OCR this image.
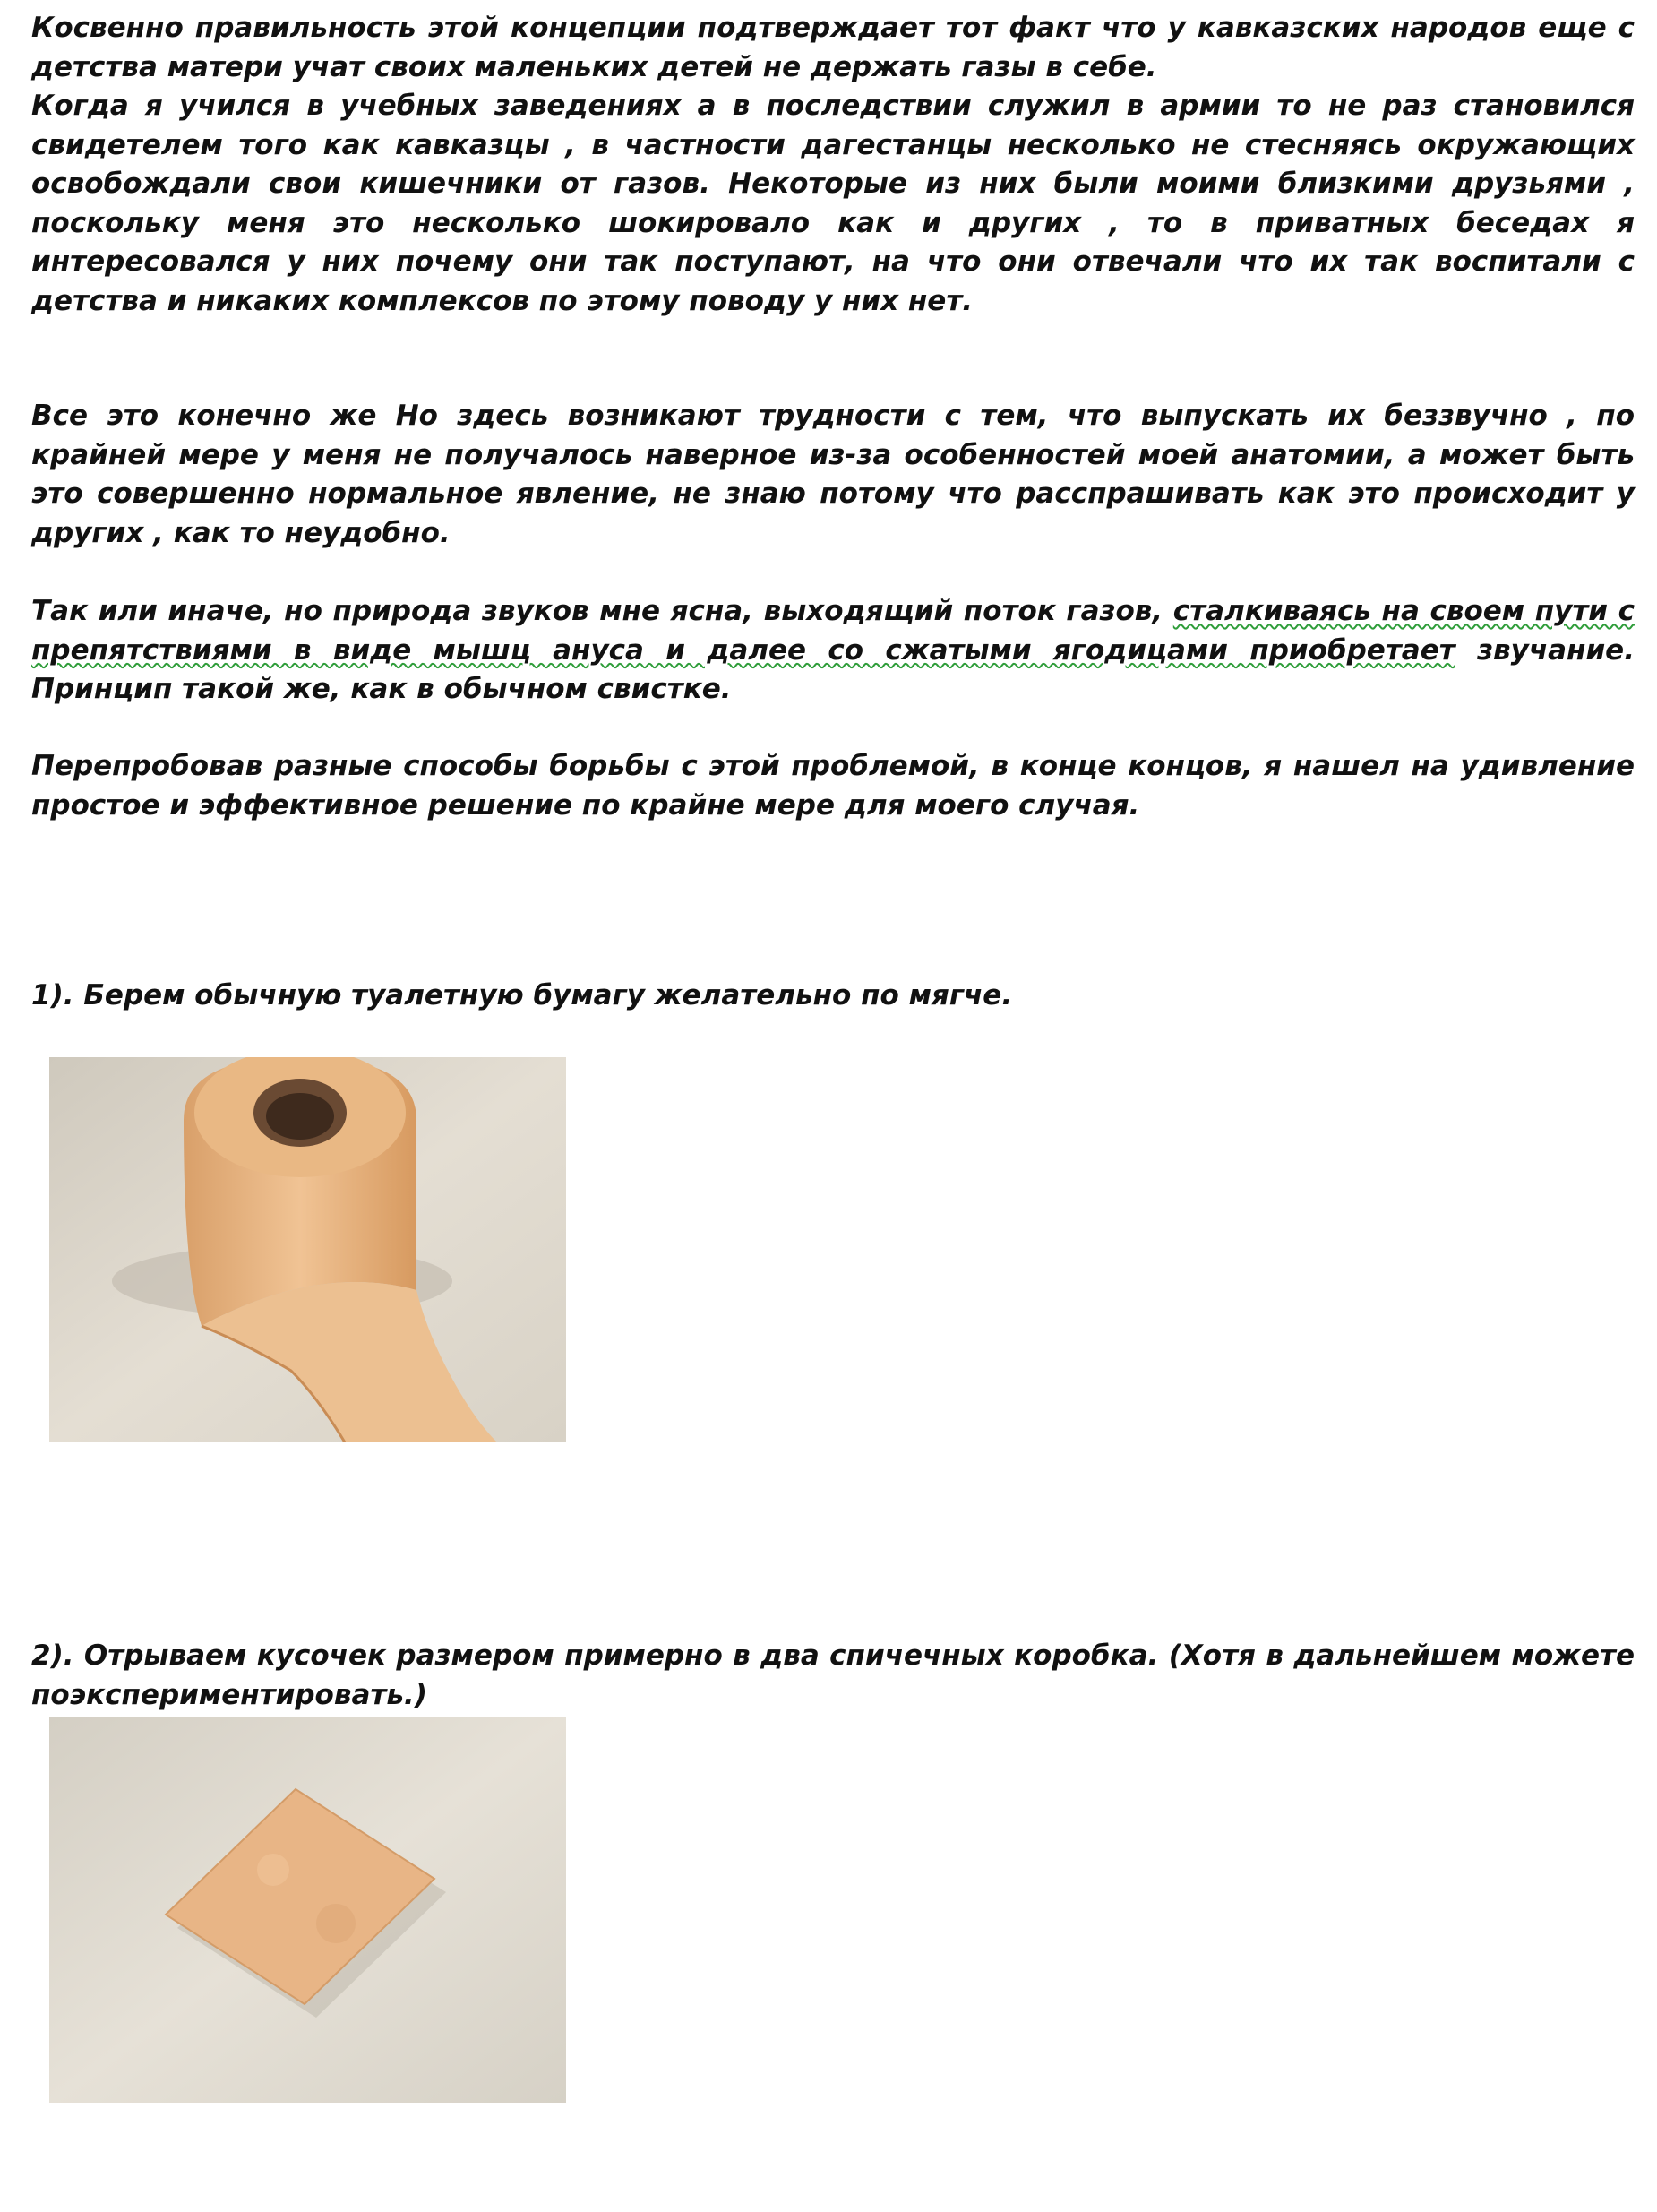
Косвенно правильность этой концепции подтверждает тот факт что у кавказских народов еще с детства матери учат своих маленьких детей не держать газы в себе.
Когда я учился в учебных заведениях а в последствии служил в армии то не раз становился свидетелем того как кавказцы , в частности дагестанцы несколько не стесняясь окружающих освобождали свои кишечники от газов. Некоторые из них были моими близкими друзьями , поскольку меня это несколько шокировало как и других , то в приватных беседах я интересовался у них почему они так поступают, на что они отвечали что их так воспитали с детства и никаких комплексов по этому поводу у них нет.

Все это конечно же Но здесь возникают трудности с тем, что выпускать их беззвучно , по крайней мере у меня не получалось наверное из-за особенностей моей анатомии, а может быть это совершенно нормальное явление, не знаю потому что расспрашивать как это происходит у других , как то неудобно.

Так или иначе, но природа звуков мне ясна, выходящий поток газов, сталкиваясь на своем пути с препятствиями в виде мышц ануса и далее со сжатыми ягодицами приобретает звучание. Принцип такой же, как в обычном свистке.

Перепробовав разные способы борьбы с этой проблемой, в конце концов, я нашел на удивление простое и эффективное решение по крайне мере для моего случая.

1). Берем обычную туалетную бумагу желательно по мягче.

2). Отрываем кусочек размером примерно в два спичечных коробка. (Хотя в дальнейшем можете поэкспериментировать.)
